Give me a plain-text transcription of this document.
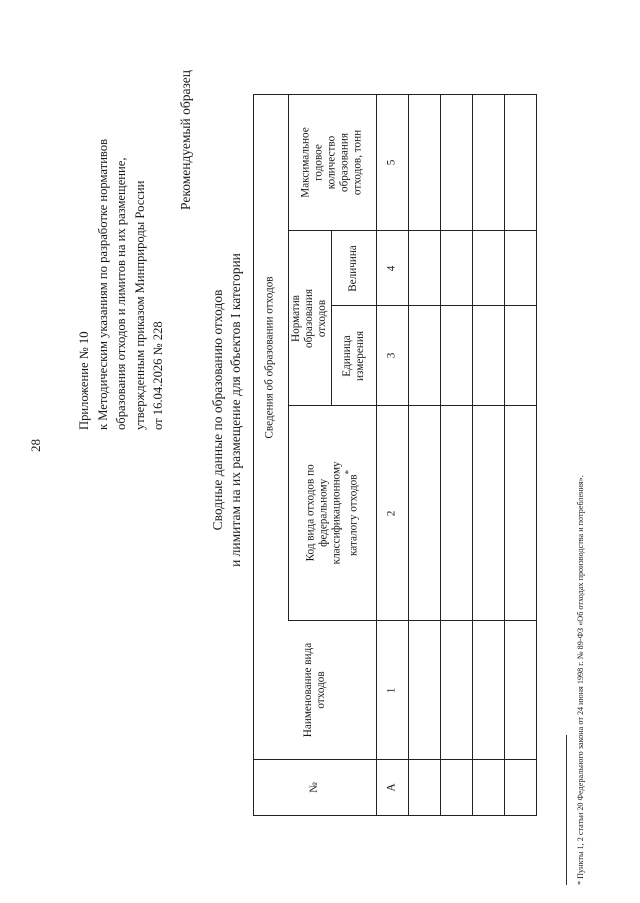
28
Приложение № 10 к Методическим указаниям по разработке нормативов образования отходов и лимитов на их размещение, утвержденным приказом Минприроды России от 16.04.2026 № 228
Рекомендуемый образец
Сводные данные по образованию отходов и лимитам на их размещение для объектов I категории
№
Наименование вида отходов
Сведения об образовании отходов
Код вида отходов по федеральному классификационному каталогу отходов*
Норматив образования отходов
Единица измерения
Величина
Максимальное годовое количество образования отходов, тонн
А
1
2
3
4
5
* Пункты 1, 2 статьи 20 Федерального закона от 24 июня 1998 г. № 89-ФЗ «Об отходах производства и потребления».
